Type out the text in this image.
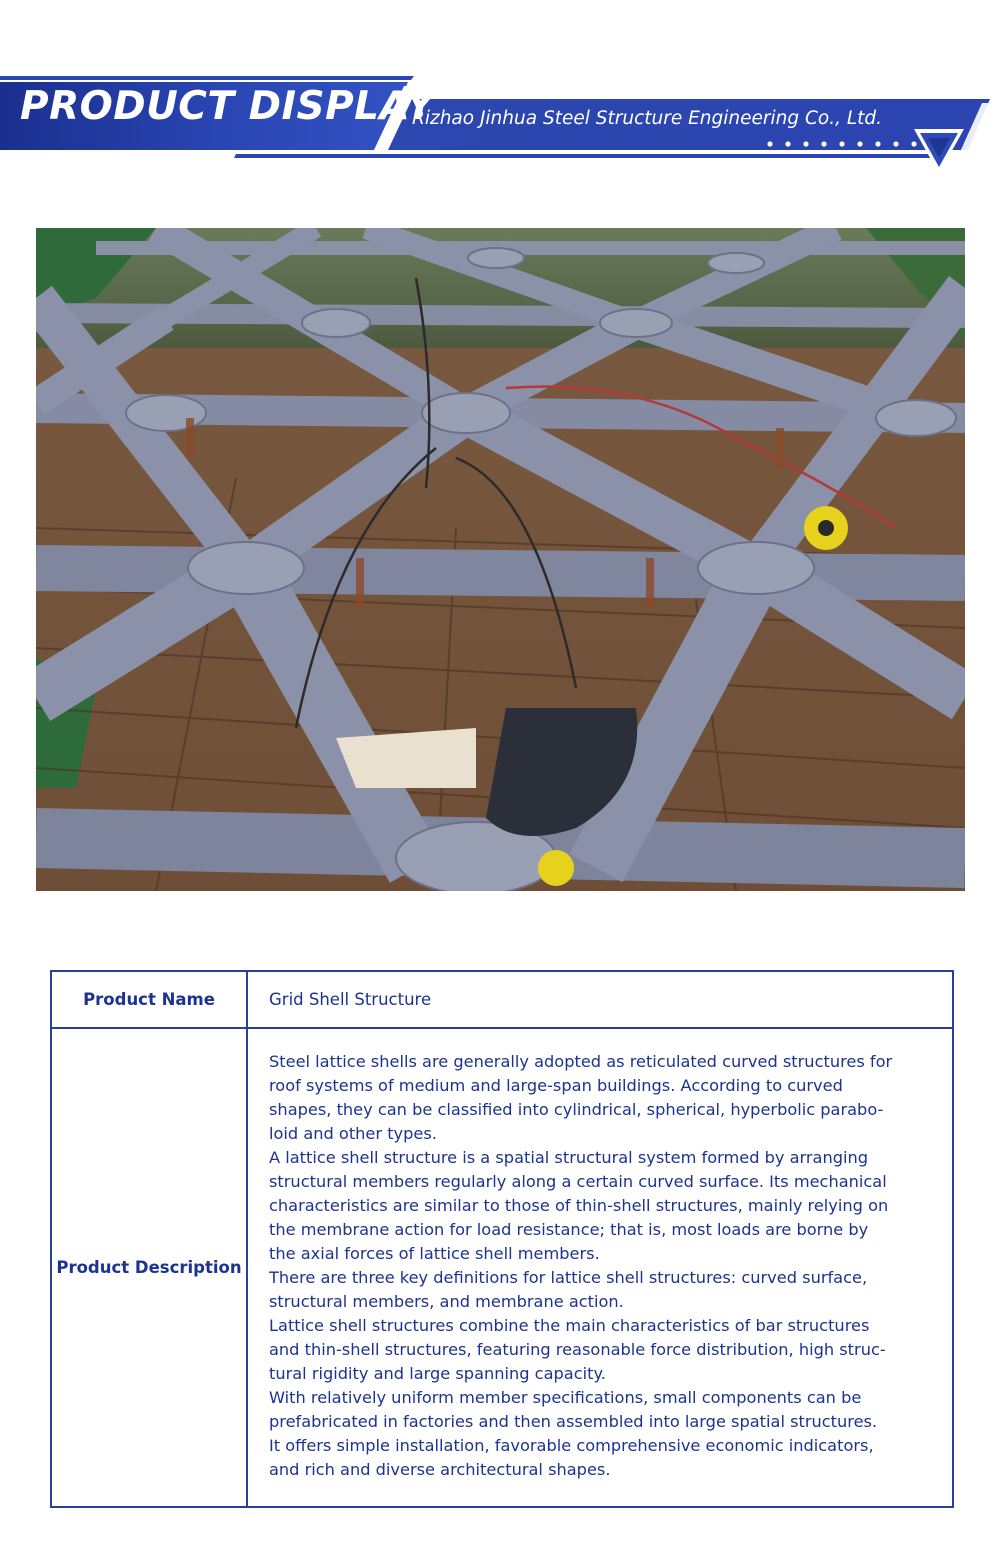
PRODUCT DISPLAY
Rizhao Jinhua Steel Structure Engineering Co., Ltd.
Product Name	Grid Shell Structure
Product Description

Steel lattice shells are generally adopted as reticulated curved structures for

roof systems of medium and large-span buildings. According to curved

shapes, they can be classified into cylindrical, spherical, hyperbolic parabo-

loid and other types.

A lattice shell structure is a spatial structural system formed by arranging

structural members regularly along a certain curved surface. Its mechanical

characteristics are similar to those of thin-shell structures, mainly relying on

the membrane action for load resistance; that is, most loads are borne by

the axial forces of lattice shell members.

There are three key definitions for lattice shell structures: curved surface,

structural members, and membrane action.

Lattice shell structures combine the main characteristics of bar structures

and thin-shell structures, featuring reasonable force distribution, high struc-

tural rigidity and large spanning capacity.

With relatively uniform member specifications, small components can be

prefabricated in factories and then assembled into large spatial structures.

It offers simple installation, favorable comprehensive economic indicators,

and rich and diverse architectural shapes.
